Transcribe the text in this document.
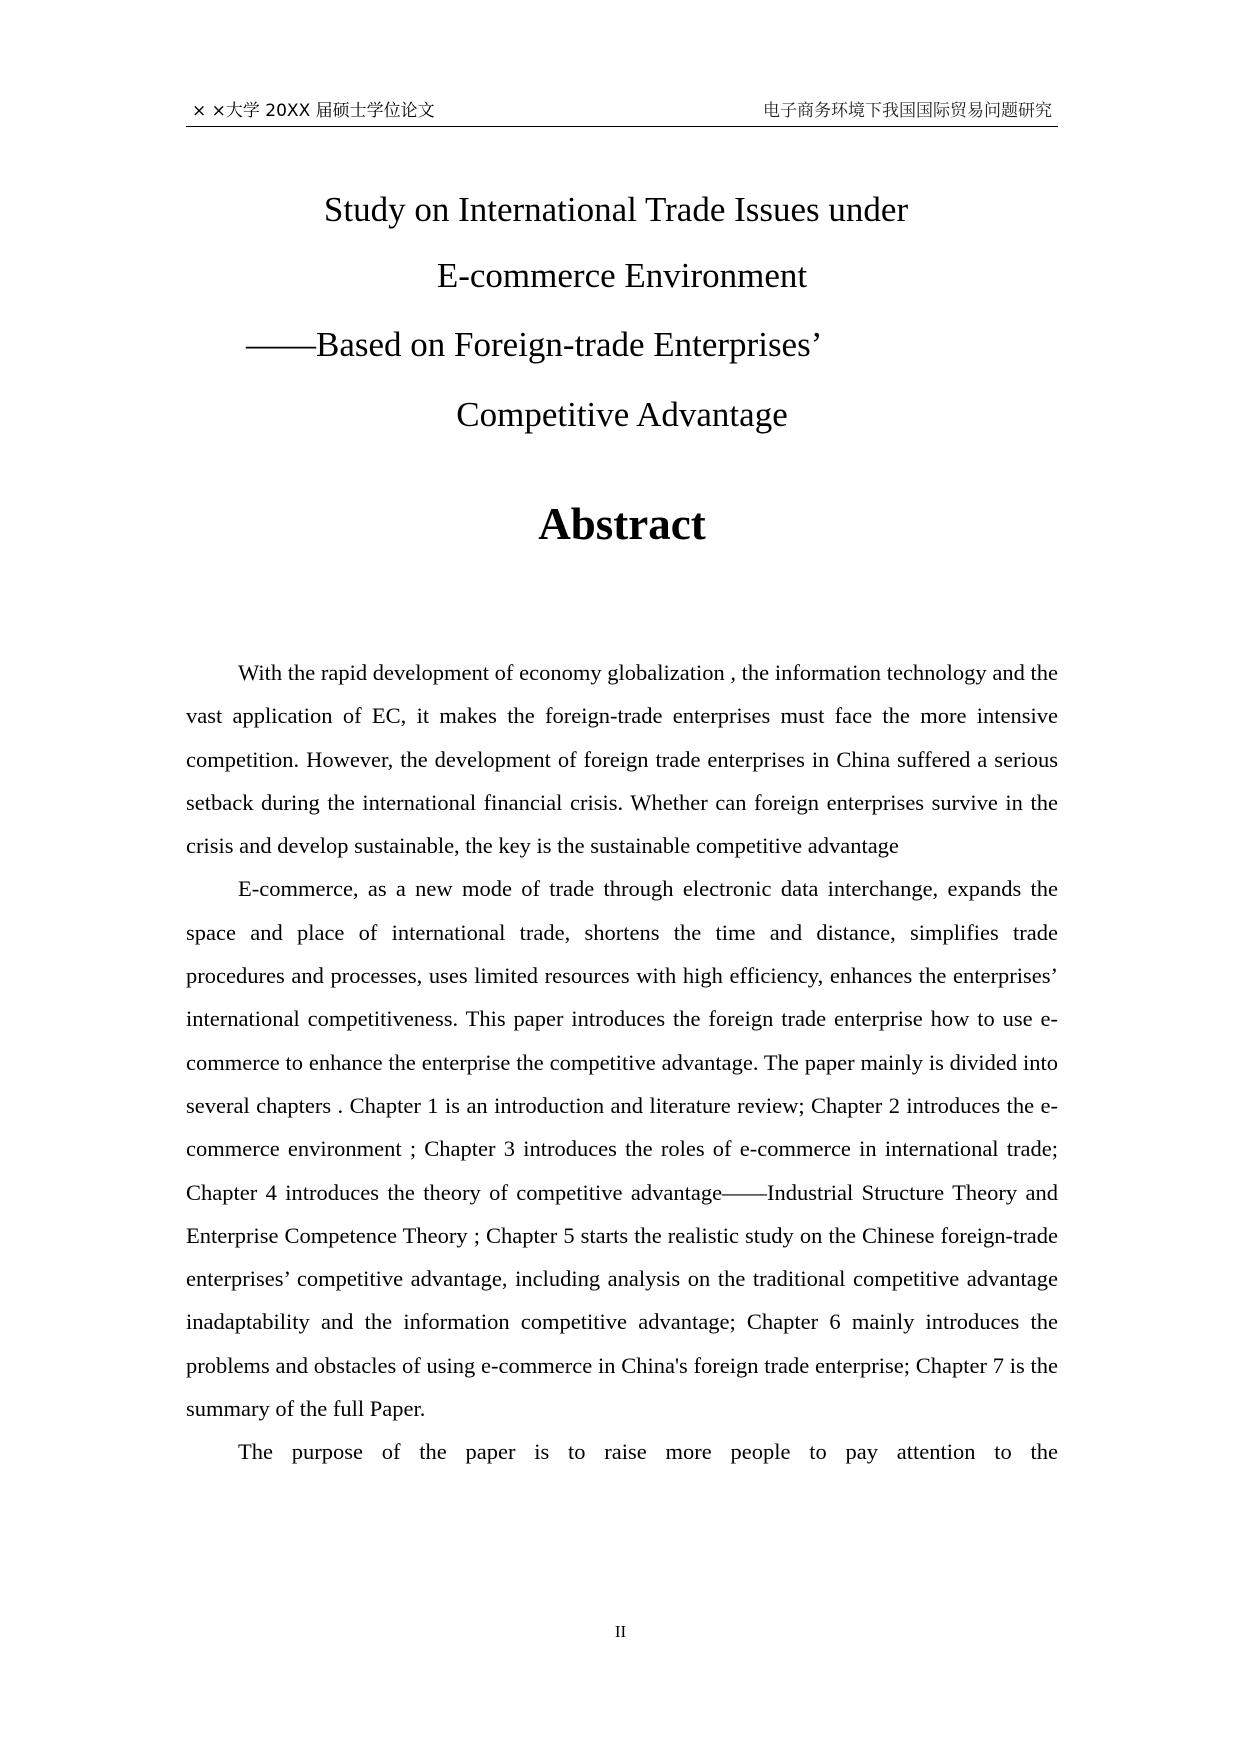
× ×大学 20XX 届硕士学位论文	电子商务环境下我国国际贸易问题研究
Study on International Trade Issues under
E-commerce Environment
——Based on Foreign-trade Enterprises’
Competitive Advantage
Abstract

With the rapid development of economy globalization , the information technology and the vast application of EC, it makes the foreign-trade enterprises must face the more intensive competition. However, the development of foreign trade enterprises in China suffered a serious setback during the international financial crisis. Whether can foreign enterprises survive in the crisis and develop sustainable, the key is the sustainable competitive advantage

E-commerce, as a new mode of trade through electronic data interchange, expands the space and place of international trade, shortens the time and distance, simplifies trade procedures and processes, uses limited resources with high efficiency, enhances the enterprises’ international competitiveness. This paper introduces the foreign trade enterprise how to use e-commerce to enhance the enterprise the competitive advantage. The paper mainly is divided into several chapters . Chapter 1 is an introduction and literature review; Chapter 2 introduces the e-commerce environment ; Chapter 3 introduces the roles of e-commerce in international trade; Chapter 4 introduces the theory of competitive advantage——Industrial Structure Theory and Enterprise Competence Theory ; Chapter 5 starts the realistic study on the Chinese foreign-trade enterprises’ competitive advantage, including analysis on the traditional competitive advantage inadaptability and the information competitive advantage; Chapter 6 mainly introduces the problems and obstacles of using e-commerce in China's foreign trade enterprise; Chapter 7 is the summary of the full Paper.

The purpose of the paper is to raise more people to pay attention to the

II
